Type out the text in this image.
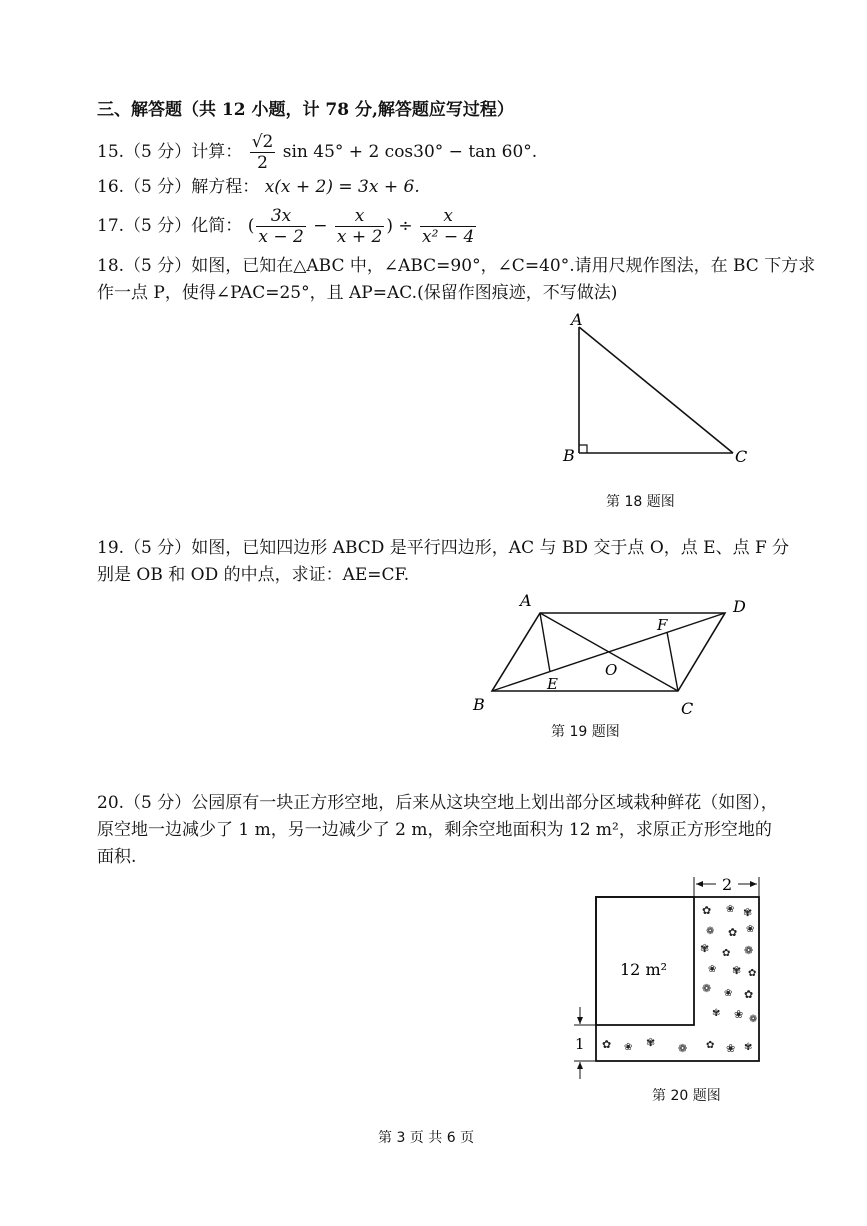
三、解答题（共 12 小题，计 78 分,解答题应写过程）
15.（5 分）计算： $\frac{√2}{2}$ sin 45° + 2 cos30° − tan 60°.
16.（5 分）解方程： x(x + 2) = 3x + 6.
17.（5 分）化简： ( $\frac{3x}{x - 2} - \frac{x}{x + 2}$ ) ÷ $\frac{x}{\text{x² − 4}}$
18.（5 分）如图，已知在△ABC 中，∠ABC=90°，∠C=40°.请用尺规作图法，在 BC 下方求
作一点 P，使得∠PAC=25°，且 AP=AC.(保留作图痕迹，不写做法)
A
B	C
第 18 题图
19.（5 分）如图，已知四边形 ABCD 是平行四边形，AC 与 BD 交于点 O，点 E、点 F 分
别是 OB 和 OD 的中点，求证：AE=CF.
A	D
B	C
E
F
O
第 19 题图
20.（5 分）公园原有一块正方形空地，后来从这块空地上划出部分区域栽种鲜花（如图），
原空地一边减少了 1 m，另一边减少了 2 m，剩余空地面积为 12 m²，求原正方形空地的
面积.
2
1
12 m²
✿ ❀ ✾
❁ ✿ ❀
✾ ✿ ❁
❀ ✾ ✿
❁ ❀ ✿
✾ ❀ ❁
✿ ❀ ✾ ❁ ✿ ❀ ✾
第 20 题图
第 3 页 共 6 页
